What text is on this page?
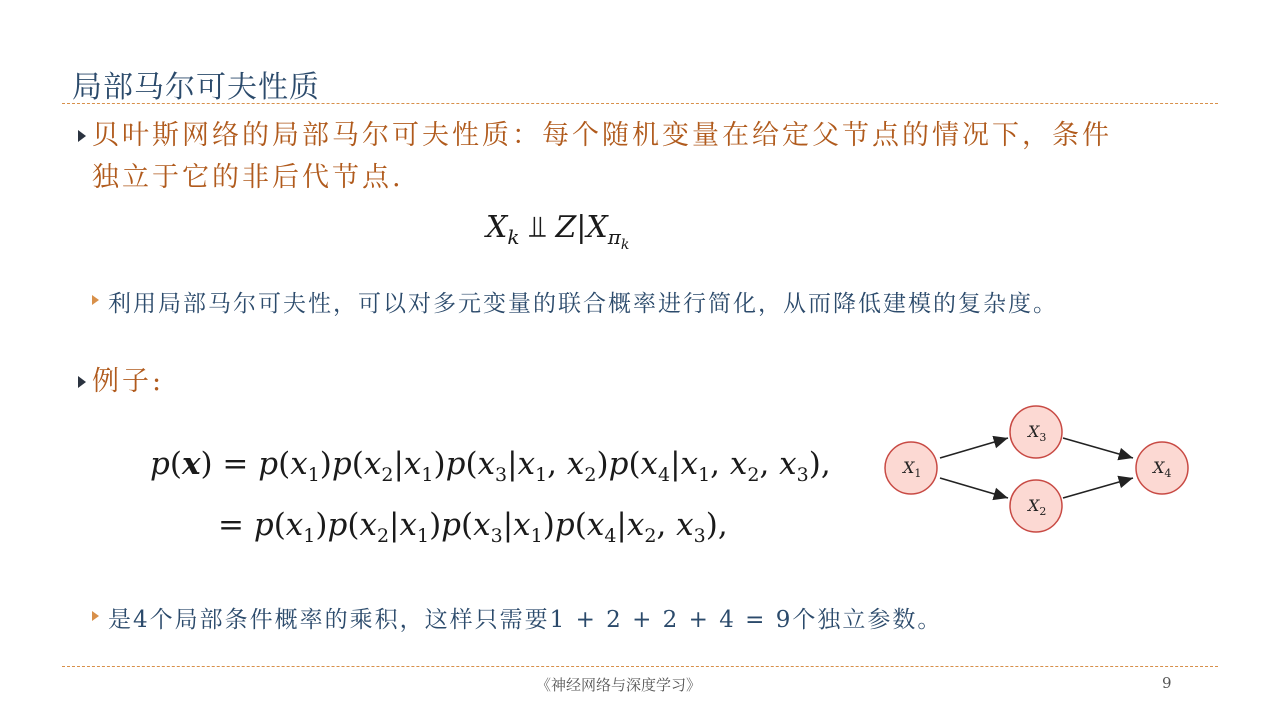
局部马尔可夫性质
贝叶斯网络的局部马尔可夫性质：每个随机变量在给定父节点的情况下，条件
独立于它的非后代节点.
$X_k$ ⫫ $Z|X_{\pi_k}$
利用局部马尔可夫性，可以对多元变量的联合概率进行简化，从而降低建模的复杂度。
例子:
$p(x) = p(x_1)p(x_2|x_1)p(x_3|x_1$, $x_2)p(x_4|x_1$, $x_2$, $x_3$),
= $p(x_1)p(x_2|x_1)p(x_3|x_1)p(x_4|x_2$, $x_3$),
$X_1$
$X_3$
$X_2$
$X_4$
是4个局部条件概率的乘积，这样只需要1 + 2 + 2 + 4 = 9个独立参数。
《神经网络与深度学习》	9
